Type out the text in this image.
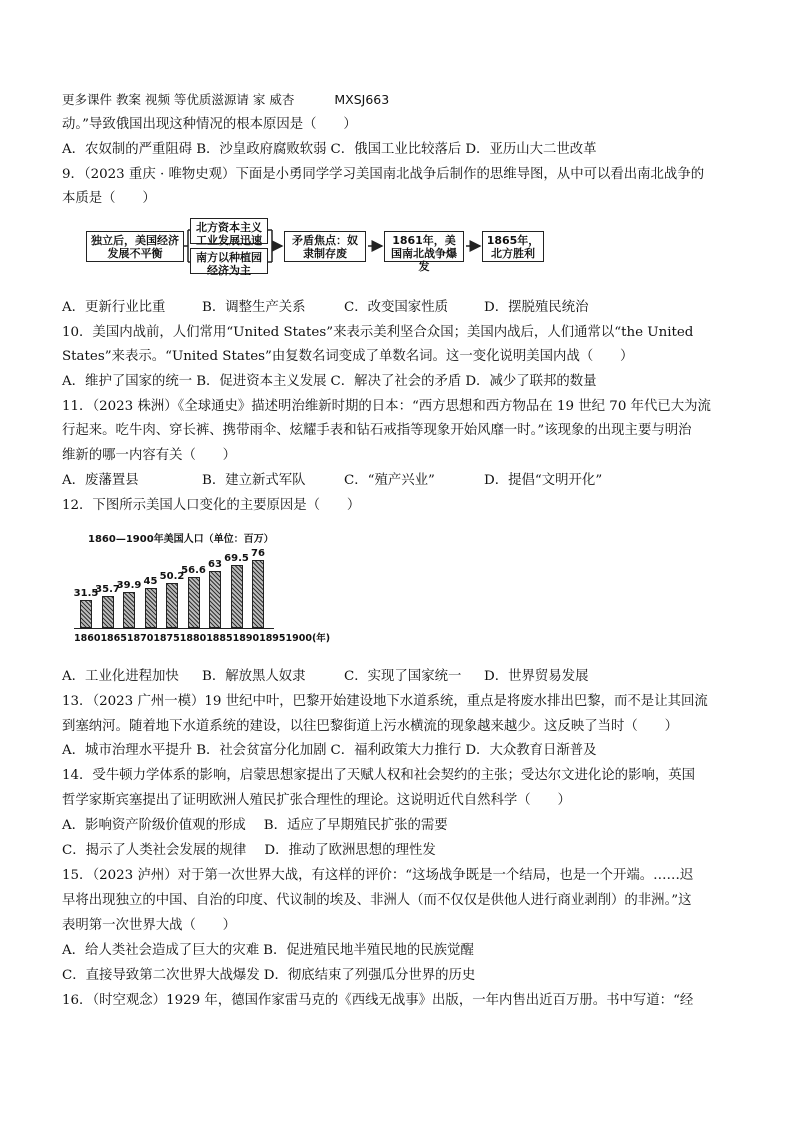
更多课件 教案 视频 等优质滋源请 家 威杏	MXSJ663
动。”导致俄国出现这种情况的根本原因是（　　）
A．农奴制的严重阻碍 B．沙皇政府腐败软弱 C．俄国工业比较落后 D．亚历山大二世改革
9．（2023 重庆 · 唯物史观）下面是小勇同学学习美国南北战争后制作的思维导图，从中可以看出南北战争的
本质是（　　）
独立后，美国经济发展不平衡
北方资本主义工业发展迅速
南方以种植园经济为主
矛盾焦点：奴隶制存废
1861年，美国南北战争爆发
1865年，北方胜利
A．更新行业比重	B．调整生产关系	C．改变国家性质	D．摆脱殖民统治
10．美国内战前，人们常用“United States”来表示美利坚合众国；美国内战后，人们通常以“the United
States”来表示。“United States”由复数名词变成了单数名词。这一变化说明美国内战（　　）
A．维护了国家的统一 B．促进资本主义发展 C．解决了社会的矛盾 D．减少了联邦的数量
11．（2023 株洲）《全球通史》描述明治维新时期的日本：“西方思想和西方物品在 19 世纪 70 年代已大为流
行起来。吃牛肉、穿长裤、携带雨伞、炫耀手表和钻石戒指等现象开始风靡一时。”该现象的出现主要与明治
维新的哪一内容有关（　　）
A．废藩置县	B．建立新式军队	C．“殖产兴业”	D．提倡“文明开化”
12．下图所示美国人口变化的主要原因是（　　）
1860—1900年美国人口（单位：百万）
31.5
35.7
39.9 45 50.2
56.6
63
69.5
76
186018651870187518801885189018951900(年)
A．工业化进程加快 B．解放黑人奴隶	C．实现了国家统一 D．世界贸易发展
13．（2023 广州一模）19 世纪中叶，巴黎开始建设地下水道系统，重点是将废水排出巴黎，而不是让其回流
到塞纳河。随着地下水道系统的建设，以往巴黎街道上污水横流的现象越来越少。这反映了当时（　　）
A．城市治理水平提升 B．社会贫富分化加剧 C．福利政策大力推行 D．大众教育日渐普及
14．受牛顿力学体系的影响，启蒙思想家提出了天赋人权和社会契约的主张；受达尔文进化论的影响，英国
哲学家斯宾塞提出了证明欧洲人殖民扩张合理性的理论。这说明近代自然科学（　　）
A．影响资产阶级价值观的形成 B．适应了早期殖民扩张的需要
C．揭示了人类社会发展的规律 D．推动了欧洲思想的理性发
15．（2023 泸州）对于第一次世界大战，有这样的评价：“这场战争既是一个结局，也是一个开端。……迟
早将出现独立的中国、自治的印度、代议制的埃及、非洲人（而不仅仅是供他人进行商业剥削）的非洲。”这
表明第一次世界大战（　　）
A．给人类社会造成了巨大的灾难 B．促进殖民地半殖民地的民族觉醒
C．直接导致第二次世界大战爆发 D．彻底结束了列强瓜分世界的历史
16．（时空观念）1929 年，德国作家雷马克的《西线无战事》出版，一年内售出近百万册。书中写道：“经
